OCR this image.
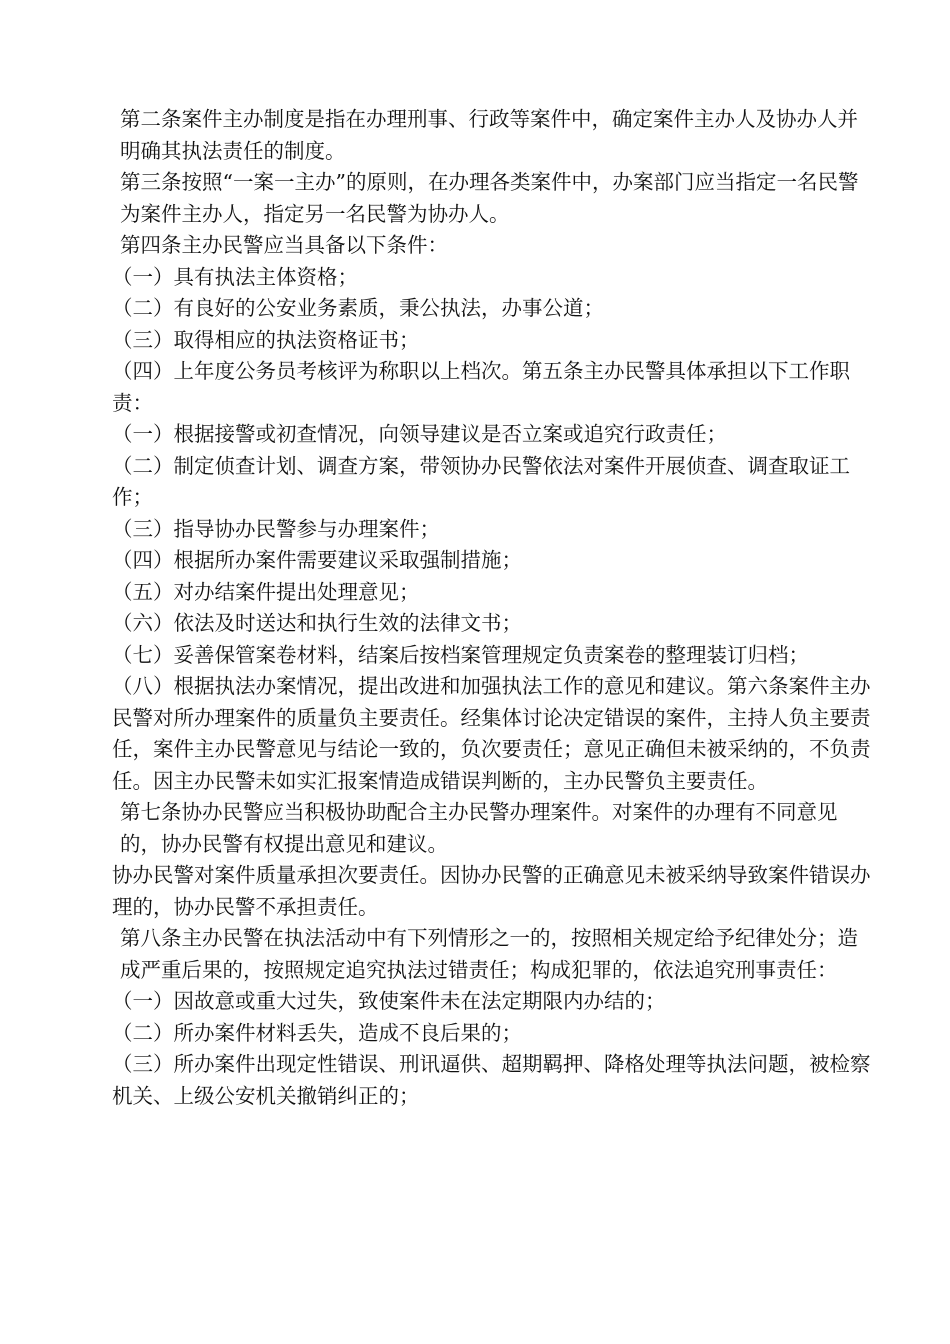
第二条案件主办制度是指在办理刑事、行政等案件中，确定案件主办人及协办人并明确其执法责任的制度。

第三条按照“一案一主办”的原则，在办理各类案件中，办案部门应当指定一名民警为案件主办人，指定另一名民警为协办人。

第四条主办民警应当具备以下条件：

（一）具有执法主体资格；

（二）有良好的公安业务素质，秉公执法，办事公道；

（三）取得相应的执法资格证书；

（四）上年度公务员考核评为称职以上档次。第五条主办民警具体承担以下工作职责：

（一）根据接警或初查情况，向领导建议是否立案或追究行政责任；

（二）制定侦查计划、调查方案，带领协办民警依法对案件开展侦查、调查取证工作；

（三）指导协办民警参与办理案件；

（四）根据所办案件需要建议采取强制措施；

（五）对办结案件提出处理意见；

（六）依法及时送达和执行生效的法律文书；

（七）妥善保管案卷材料，结案后按档案管理规定负责案卷的整理装订归档；

（八）根据执法办案情况，提出改进和加强执法工作的意见和建议。第六条案件主办民警对所办理案件的质量负主要责任。经集体讨论决定错误的案件，主持人负主要责任，案件主办民警意见与结论一致的，负次要责任；意见正确但未被采纳的，不负责任。因主办民警未如实汇报案情造成错误判断的，主办民警负主要责任。

第七条协办民警应当积极协助配合主办民警办理案件。对案件的办理有不同意见的，协办民警有权提出意见和建议。

协办民警对案件质量承担次要责任。因协办民警的正确意见未被采纳导致案件错误办理的，协办民警不承担责任。

第八条主办民警在执法活动中有下列情形之一的，按照相关规定给予纪律处分；造成严重后果的，按照规定追究执法过错责任；构成犯罪的，依法追究刑事责任：

（一）因故意或重大过失，致使案件未在法定期限内办结的；

（二）所办案件材料丢失，造成不良后果的；

（三）所办案件出现定性错误、刑讯逼供、超期羁押、降格处理等执法问题，被检察机关、上级公安机关撤销纠正的；
